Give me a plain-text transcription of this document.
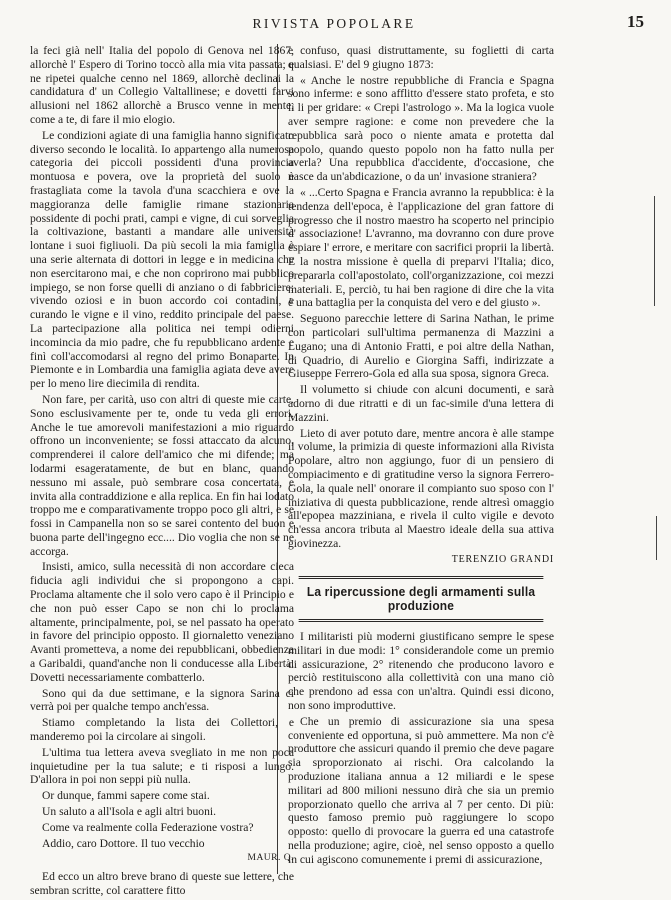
RIVISTA POPOLARE	15

la feci già nell' Italia del popolo di Genova nel 1867, allorchè l' Espero di Torino toccò alla mia vita passata; e ne ripetei qualche cenno nel 1869, allorchè declinai la candidatura d' un Collegio Valtallinese; e dovetti farvi allusioni nel 1862 allorchè a Brusco venne in mente, come a te, di fare il mio elogio.

Le condizioni agiate di una famiglia hanno significato diverso secondo le località. Io appartengo alla numerosa categoria dei piccoli possidenti d'una provincia montuosa e povera, ove la proprietà del suolo è frastagliata come la tavola d'una scacchiera e ove la maggioranza delle famiglie rimane stazionaria possidente di pochi prati, campi e vigne, di cui sorveglia la coltivazione, bastanti a mandare alle università lontane i suoi figliuoli. Da più secoli la mia famiglia è una serie alternata di dottori in legge e in medicina che non esercitarono mai, e che non coprirono mai pubblico impiego, se non forse quelli di anziano o di fabbriciere; vivendo oziosi e in buon accordo coi contadini, e curando le vigne e il vino, reddito principale del paese. La partecipazione alla politica nei tempi odierni incomincia da mio padre, che fu repubblicano ardente e finì coll'accomodarsi al regno del primo Bonaparte. In Piemonte e in Lombardia una famiglia agiata deve avere per lo meno lire diecimila di rendita.

Non fare, per carità, uso con altri di queste mie carte. Sono esclusivamente per te, onde tu veda gli errori. Anche le tue amorevoli manifestazioni a mio riguardo offrono un inconveniente; se fossi attaccato da alcuno, comprenderei il calore dell'amico che mi difende; ma lodarmi esageratamente, de but en blanc, quando nessuno mi assale, può sembrare cosa concertata, e invita alla contraddizione e alla replica. En fin hai lodato troppo me e comparativamente troppo poco gli altri, e se fossi in Campanella non so se sarei contento del buon e buona parte dell'ingegno ecc.... Dio voglia che non se ne accorga.

Insisti, amico, sulla necessità di non accordare cieca fiducia agli individui che si propongono a capi. Proclama altamente che il solo vero capo è il Principio e che non può esser Capo se non chi lo proclama altamente, principalmente, poi, se nel passato ha operato in favore del principio opposto. Il giornaletto veneziano Avanti prometteva, a nome dei repubblicani, obbedienza a Garibaldi, quand'anche non li conducesse alla Libertà. Dovetti necessariamente combatterlo.

Sono qui da due settimane, e la signora Sarina ci verrà poi per qualche tempo anch'essa.

Stiamo completando la lista dei Collettori, e manderemo poi la circolare ai singoli.

L'ultima tua lettera aveva svegliato in me non poca inquietudine per la tua salute; e ti risposi a lungo. D'allora in poi non seppi più nulla.

Or dunque, fammi sapere come stai.

Un saluto a all'Isola e agli altri buoni.

Come va realmente colla Federazione vostra?

Addio, caro Dottore. Il tuo vecchio

MAUR. Q.

Ed ecco un altro breve brano di queste sue lettere, che sembran scritte, col carattere fitto

e confuso, quasi distruttamente, su foglietti di carta qualsiasi. E' del 9 giugno 1873:

« Anche le nostre repubbliche di Francia e Spagna sono inferme: e sono afflitto d'essere stato profeta, e sto lì li per gridare: « Crepi l'astrologo ». Ma la logica vuole aver sempre ragione: e come non prevedere che la repubblica sarà poco o niente amata e protetta dal popolo, quando questo popolo non ha fatto nulla per averla? Una repubblica d'accidente, d'occasione, che nasce da un'abdicazione, o da un' invasione straniera?

« ...Certo Spagna e Francia avranno la repubblica: è la tendenza dell'epoca, è l'applicazione del gran fattore di progresso che il nostro maestro ha scoperto nel principio d' associazione! L'avranno, ma dovranno con dure prove espiare l' errore, e meritare con sacrifici proprii la libertà. E la nostra missione è quella di preparvi l'Italia; dico, prepararla coll'apostolato, coll'organizzazione, coi mezzi materiali. E, perciò, tu hai ben ragione di dire che la vita è una battaglia per la conquista del vero e del giusto ».

Seguono parecchie lettere di Sarina Nathan, le prime con particolari sull'ultima permanenza di Mazzini a Lugano; una di Antonio Fratti, e poi altre della Nathan, di Quadrio, di Aurelio e Giorgina Saffi, indirizzate a Giuseppe Ferrero-Gola ed alla sua sposa, signora Greca.

Il volumetto si chiude con alcuni documenti, e sarà adorno di due ritratti e di un fac-simile d'una lettera di Mazzini.

Lieto di aver potuto dare, mentre ancora è alle stampe il volume, la primizia di queste informazioni alla Rivista Popolare, altro non aggiungo, fuor di un pensiero di compiacimento e di gratitudine verso la signora Ferrero-Gola, la quale nell' onorare il compianto suo sposo con l' iniziativa di questa pubblicazione, rende altresì omaggio all'epopea mazziniana, e rivela il culto vigile e devoto ch'essa ancora tributa al Maestro ideale della sua attiva giovinezza.

TERENZIO GRANDI
La ripercussione degli armamenti sulla produzione

I militaristi più moderni giustificano sempre le spese militari in due modi: 1° considerandole come un premio di assicurazione, 2° ritenendo che producono lavoro e perciò restituiscono alla collettività con una mano ciò che prendono ad essa con un'altra. Quindi essi dicono, non sono improduttive.

Che un premio di assicurazione sia una spesa conveniente ed opportuna, si può ammettere. Ma non c'è produttore che assicuri quando il premio che deve pagare sia sproporzionato ai rischi. Ora calcolando la produzione italiana annua a 12 miliardi e le spese militari ad 800 milioni nessuno dirà che sia un premio proporzionato quello che arriva al 7 per cento. Di più: questo famoso premio può raggiungere lo scopo opposto: quello di provocare la guerra ed una catastrofe nella produzione; agire, cioè, nel senso opposto a quello in cui agiscono comunemente i premi di assicurazione,
